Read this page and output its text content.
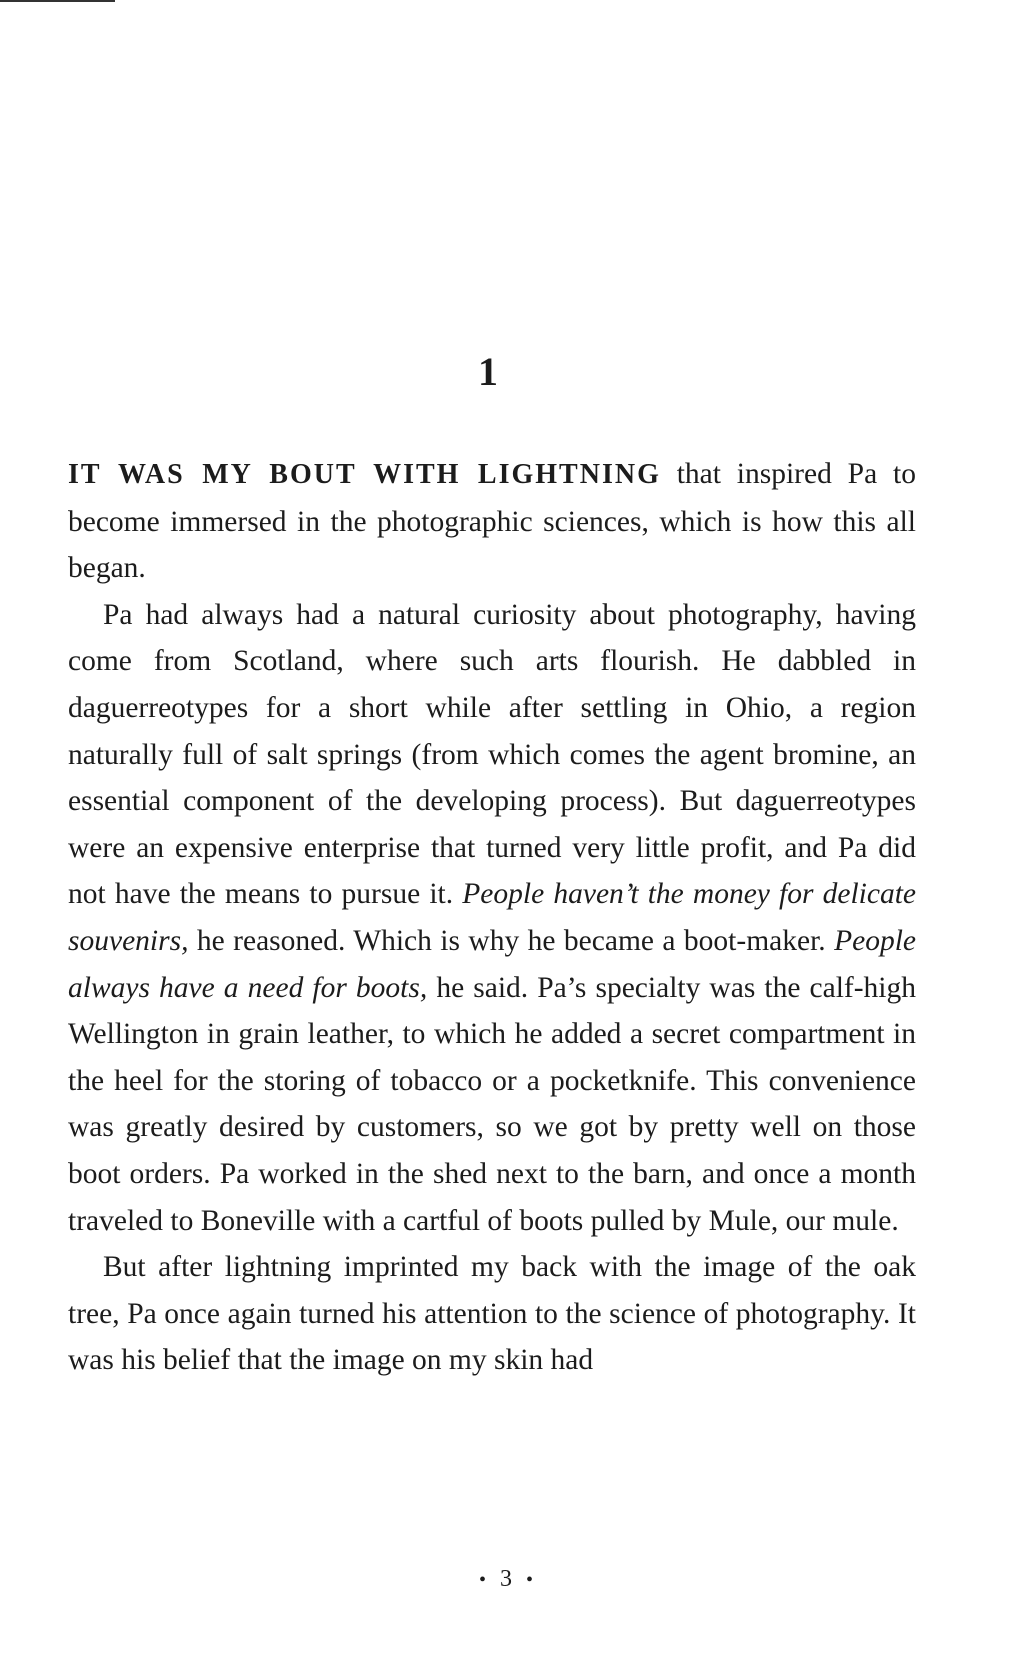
1

IT WAS MY BOUT WITH LIGHTNING that inspired Pa to become immersed in the photographic sciences, which is how this all began.

Pa had always had a natural curiosity about photography, having come from Scotland, where such arts flourish. He dabbled in daguerreotypes for a short while after settling in Ohio, a region naturally full of salt springs (from which comes the agent bromine, an essential component of the developing process). But daguerreotypes were an expensive enterprise that turned very little profit, and Pa did not have the means to pursue it. People haven’t the money for delicate souvenirs, he reasoned. Which is why he became a boot-maker. People always have a need for boots, he said. Pa’s specialty was the calf-high Wellington in grain leather, to which he added a secret compartment in the heel for the storing of tobacco or a pocketknife. This convenience was greatly desired by customers, so we got by pretty well on those boot orders. Pa worked in the shed next to the barn, and once a month traveled to Boneville with a cartful of boots pulled by Mule, our mule.

But after lightning imprinted my back with the image of the oak tree, Pa once again turned his attention to the science of photography. It was his belief that the image on my skin had

• 3 •
